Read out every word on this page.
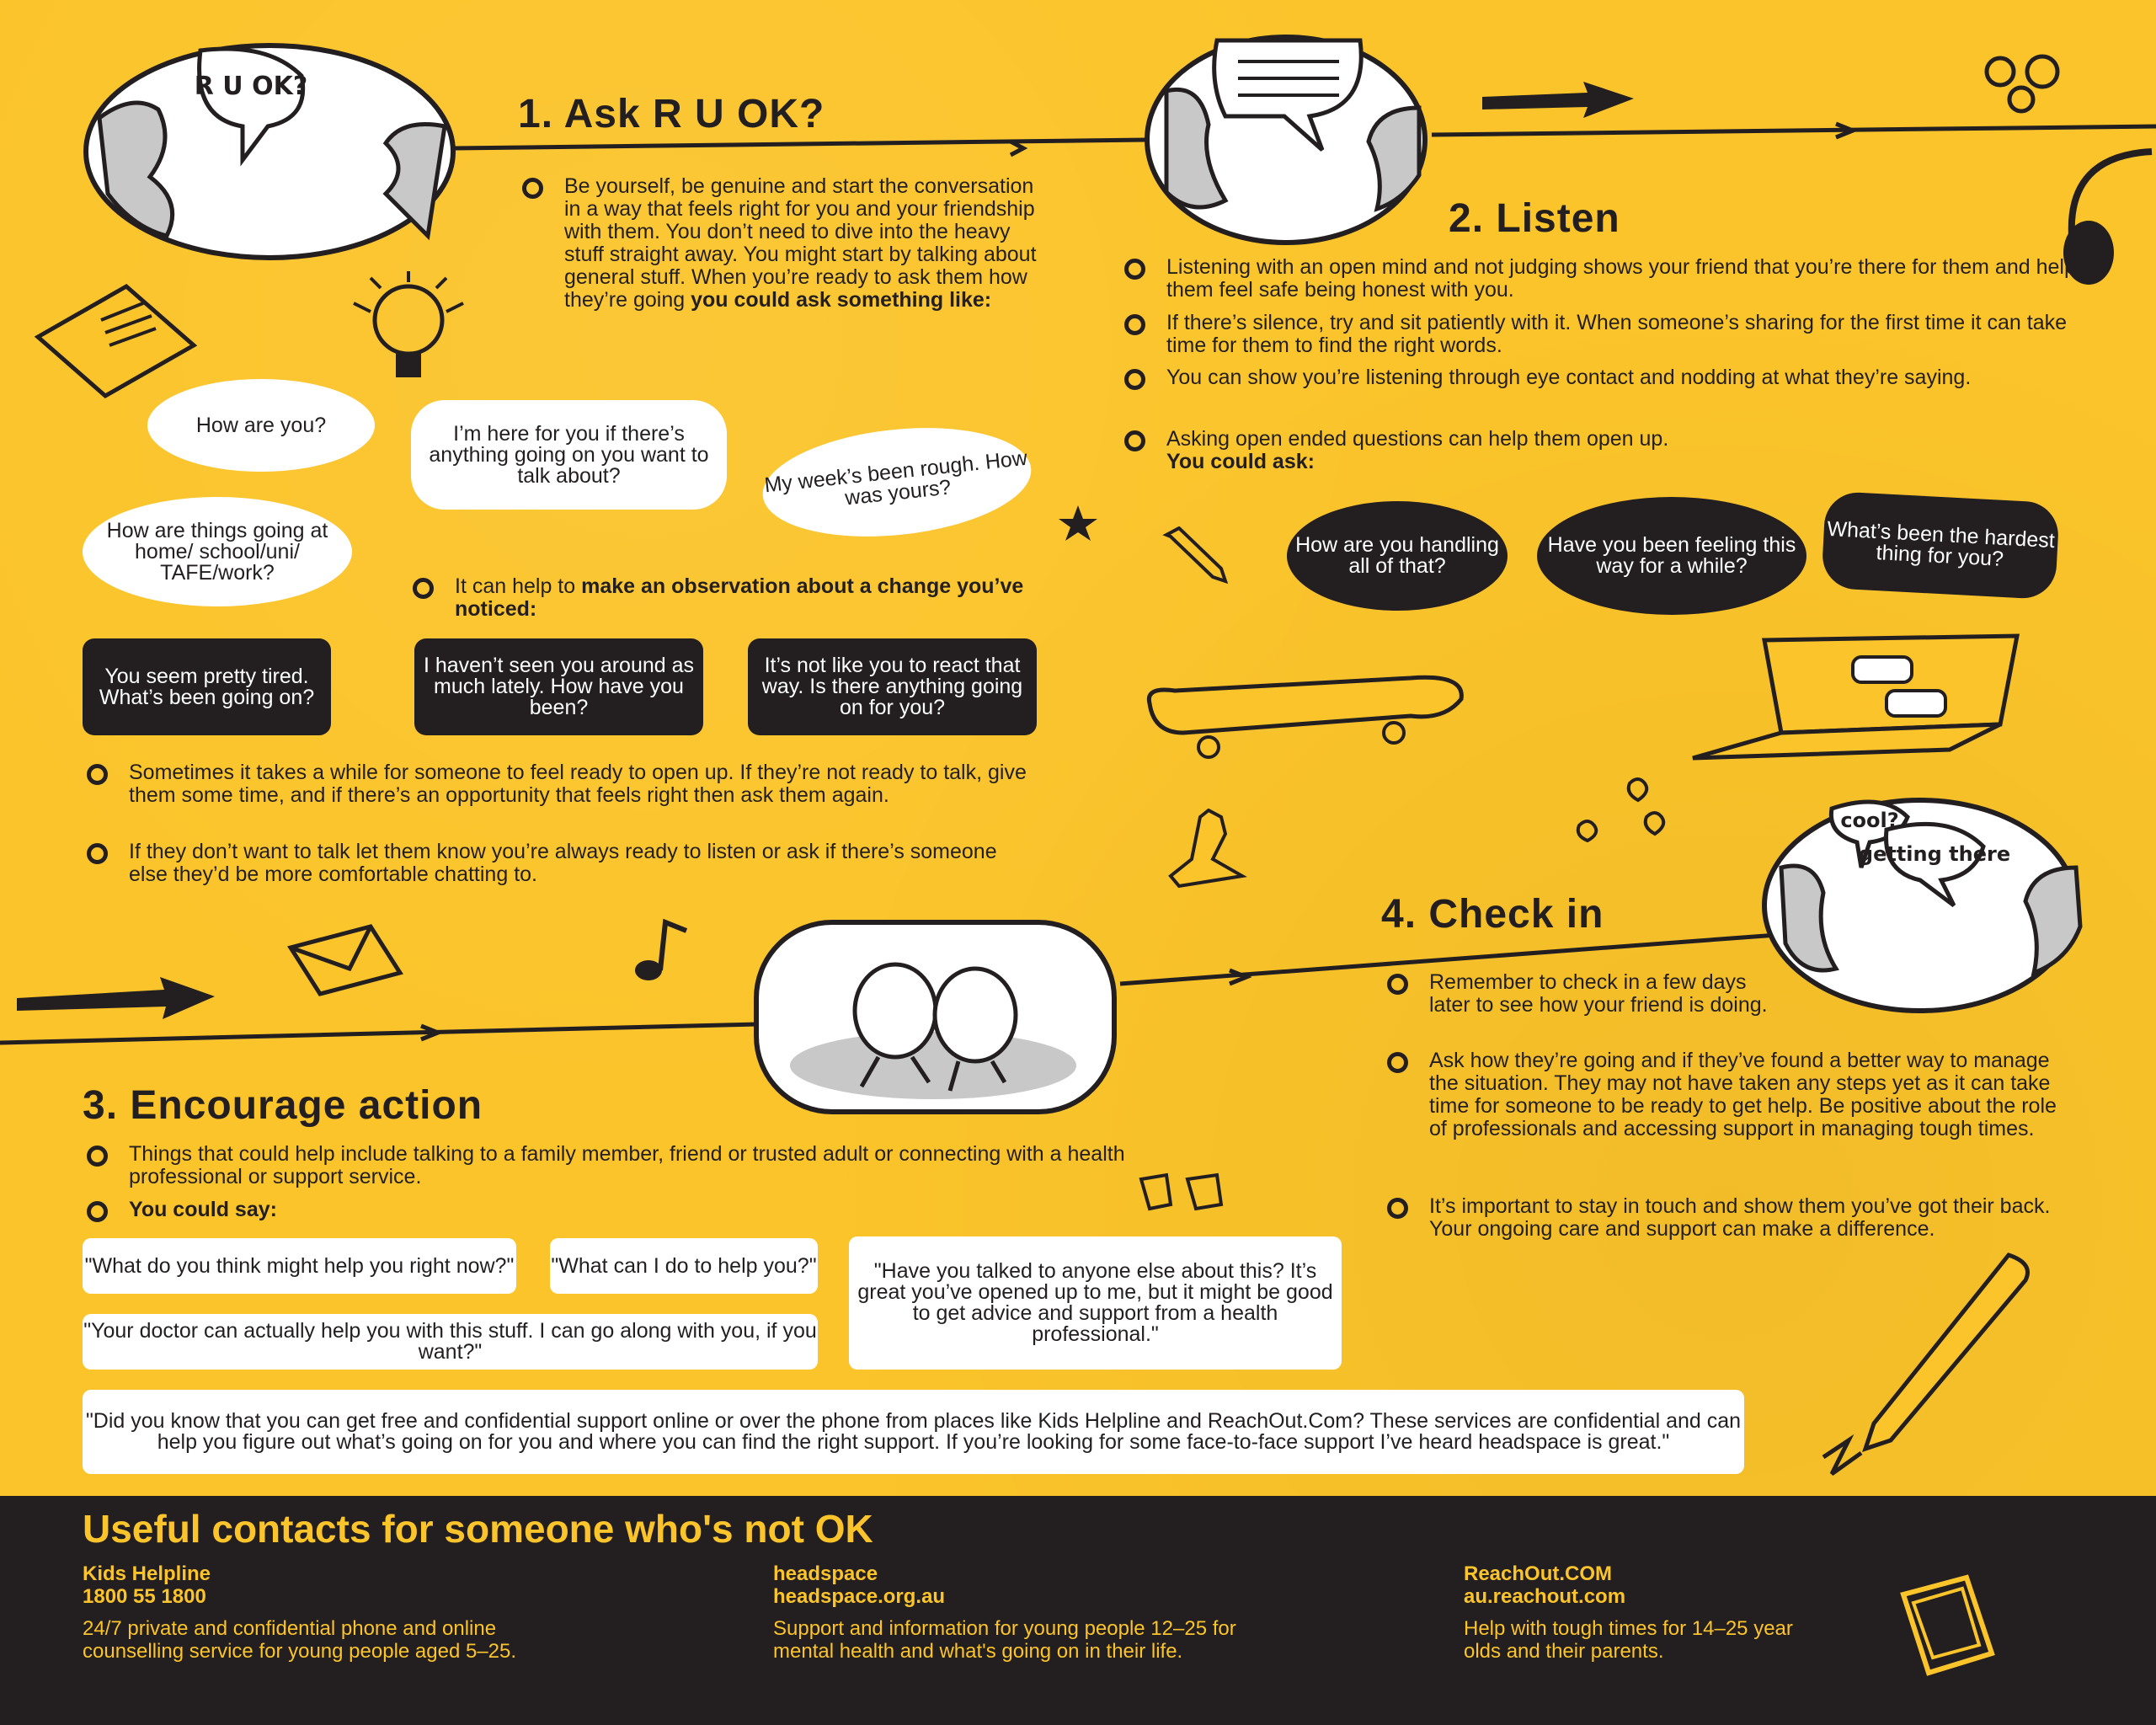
R U OK?
1. Ask R U OK?
Be yourself, be genuine and start the conversation in a way that feels right for you and your friendship with them. You don’t need to dive into the heavy stuff straight away. You might start by talking about general stuff. When you’re ready to ask them how they’re going you could ask something like:
How are you?	I’m here for you if there’s anything going on you want to talk about?	My week’s been rough. How was yours?
How are things going at home/ school/uni/ TAFE/work?
It can help to make an observation about a change you’ve noticed:
You seem pretty tired. What’s been going on?
I haven’t seen you around as much lately. How have you been?
It’s not like you to react that way. Is there anything going on for you?
Sometimes it takes a while for someone to feel ready to open up. If they’re not ready to talk, give them some time, and if there’s an opportunity that feels right then ask them again.
If they don’t want to talk let them know you’re always ready to listen or ask if there’s someone else they’d be more comfortable chatting to.
2. Listen
Listening with an open mind and not judging shows your friend that you’re there for them and helps them feel safe being honest with you.
If there’s silence, try and sit patiently with it. When someone’s sharing for the first time it can take time for them to find the right words.
You can show you’re listening through eye contact and nodding at what they’re saying.
Asking open ended questions can help them open up.
You could ask:
How are you handling all of that?
Have you been feeling this way for a while?
What’s been the hardest thing for you?
cool?
getting there
4. Check in
Remember to check in a few days later to see how your friend is doing.
Ask how they’re going and if they’ve found a better way to manage the situation. They may not have taken any steps yet as it can take time for someone to be ready to get help. Be positive about the role of professionals and accessing support in managing tough times.
It’s important to stay in touch and show them you’ve got their back. Your ongoing care and support can make a difference.
3. Encourage action
Things that could help include talking to a family member, friend or trusted adult or connecting with a health professional or support service.
You could say:
"What do you think might help you right now?" "What can I do to help you?"	"Have you talked to anyone else about this? It’s great you’ve opened up to me, but it might be good to get advice and support from a health professional."
"Your doctor can actually help you with this stuff. I can go along with you, if you want?"
"Did you know that you can get free and confidential support online or over the phone from places like Kids Helpline and ReachOut.Com? These services are confidential and can help you figure out what’s going on for you and where you can find the right support. If you’re looking for some face-to-face support I’ve heard headspace is great."
Useful contacts for someone who's not OK
Kids Helpline
1800 55 1800
24/7 private and confidential phone and online counselling service for young people aged 5–25.
headspace
headspace.org.au
Support and information for young people 12–25 for mental health and what's going on in their life.
ReachOut.COM
au.reachout.com
Help with tough times for 14–25 year olds and their parents.
